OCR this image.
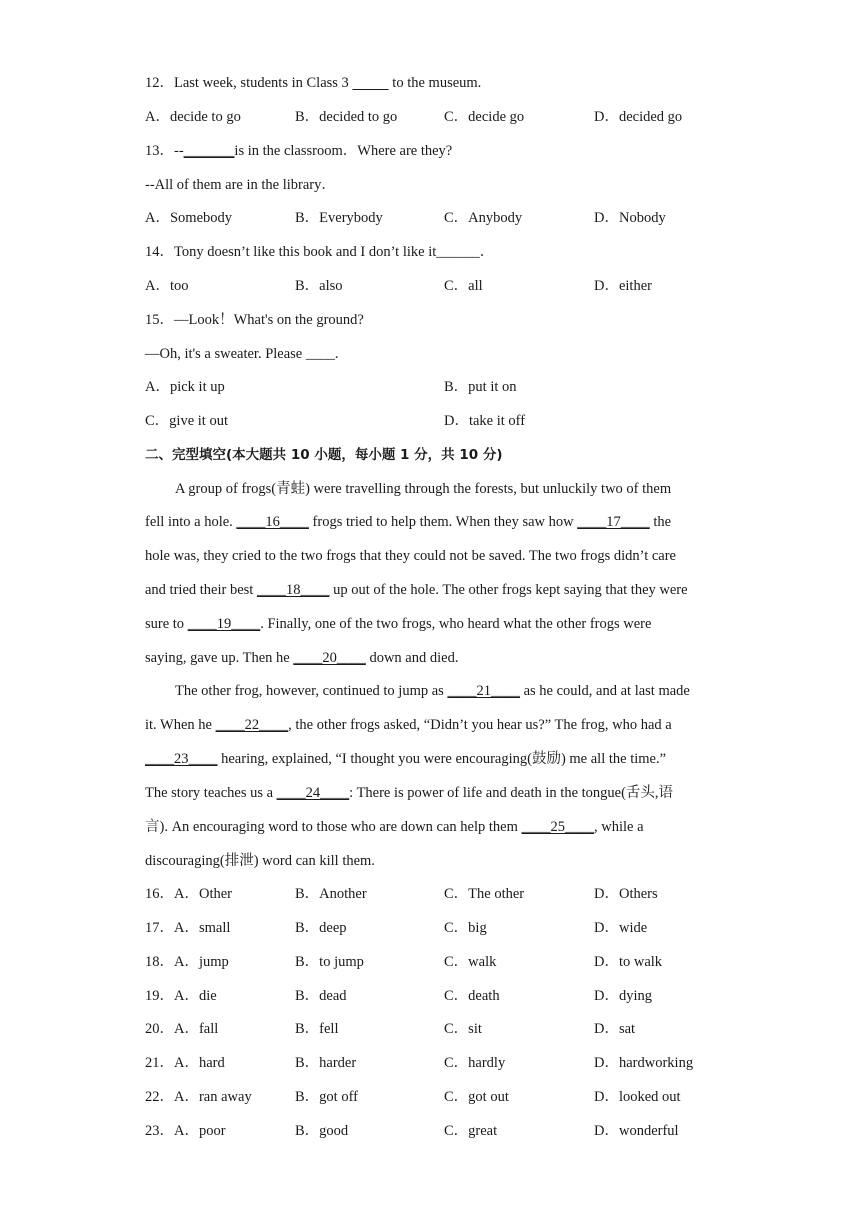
12．Last week, students in Class 3	to the museum.
A．decide to go	B．decided to go	C．decide go	D．decided go
13．--_______is in the classroom．Where are they?
--All of them are in the library．
A．Somebody	B．Everybody	C．Anybody	D．Nobody
14．Tony doesn’t like this book and I don’t like it______．
A．too	B．also	C．all	D．either
15．—Look！What's on the ground?
—Oh, it's a sweater. Please ____.
A．pick it up	B．put it on
C．give it out	D．take it off
二、完型填空(本大题共 10 小题，每小题 1 分，共 10 分)
A group of frogs(青蛙) were travelling through the forests, but unluckily two of them
fell into a hole. ____16____ frogs tried to help them. When they saw how ____17____ the
hole was, they cried to the two frogs that they could not be saved. The two frogs didn’t care
and tried their best ____18____ up out of the hole. The other frogs kept saying that they were
sure to ____19____. Finally, one of the two frogs, who heard what the other frogs were
saying, gave up. Then he ____20____ down and died.
The other frog, however, continued to jump as ____21____ as he could, and at last made
it. When he ____22____, the other frogs asked, “Didn’t you hear us?” The frog, who had a
____23____ hearing, explained, “I thought you were encouraging(鼓励) me all the time.”
The story teaches us a ____24____: There is power of life and death in the tongue(舌头,语
言). An encouraging word to those who are down can help them ____25____, while a
discouraging(排泄) word can kill them.
16．A．Other	B．Another	C．The other	D．Others
17．A．small	B．deep	C．big	D．wide
18．A．jump	B．to jump	C．walk	D．to walk
19．A．die	B．dead	C．death	D．dying
20．A．fall	B．fell	C．sit	D．sat
21．A．hard	B．harder	C．hardly	D．hardworking
22．A．ran away	B．got off	C．got out	D．looked out
23．A．poor	B．good	C．great	D．wonderful
